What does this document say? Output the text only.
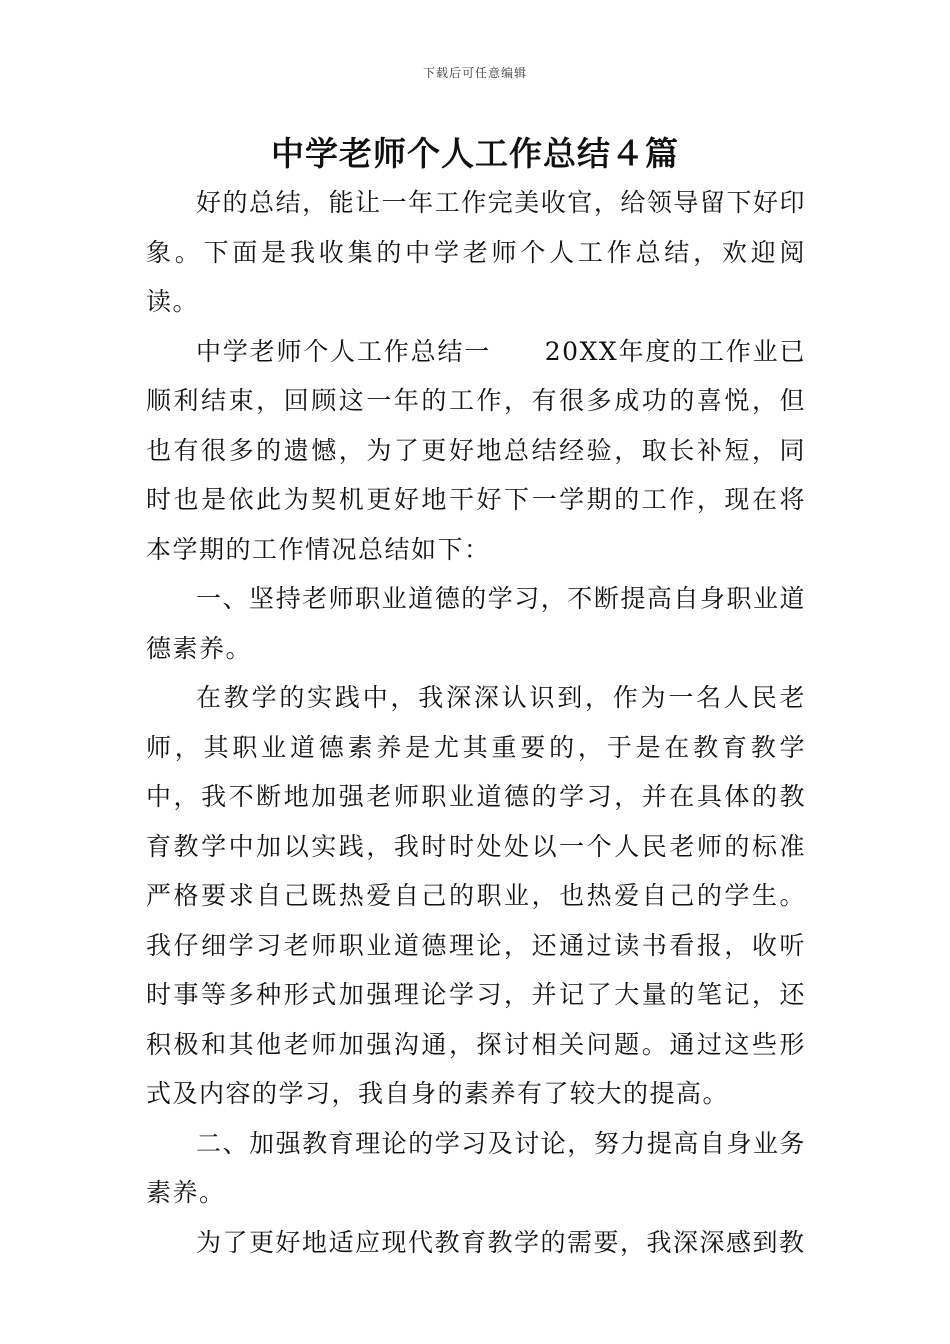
下载后可任意编辑
中学老师个人工作总结４篇

好的总结，能让一年工作完美收官，给领导留下好印象。下面是我收集的中学老师个人工作总结，欢迎阅读。

中学老师个人工作总结一　　20XX年度的工作业已顺利结束，回顾这一年的工作，有很多成功的喜悦，但也有很多的遗憾，为了更好地总结经验，取长补短，同时也是依此为契机更好地干好下一学期的工作，现在将本学期的工作情况总结如下：

一、坚持老师职业道德的学习，不断提高自身职业道德素养。

在教学的实践中，我深深认识到，作为一名人民老师，其职业道德素养是尤其重要的，于是在教育教学中，我不断地加强老师职业道德的学习，并在具体的教育教学中加以实践，我时时处处以一个人民老师的标准严格要求自己既热爱自己的职业，也热爱自己的学生。我仔细学习老师职业道德理论，还通过读书看报，收听时事等多种形式加强理论学习，并记了大量的笔记，还积极和其他老师加强沟通，探讨相关问题。通过这些形式及内容的学习，我自身的素养有了较大的提高。

二、加强教育理论的学习及讨论，努力提高自身业务素养。

为了更好地适应现代教育教学的需要，我深深感到教
